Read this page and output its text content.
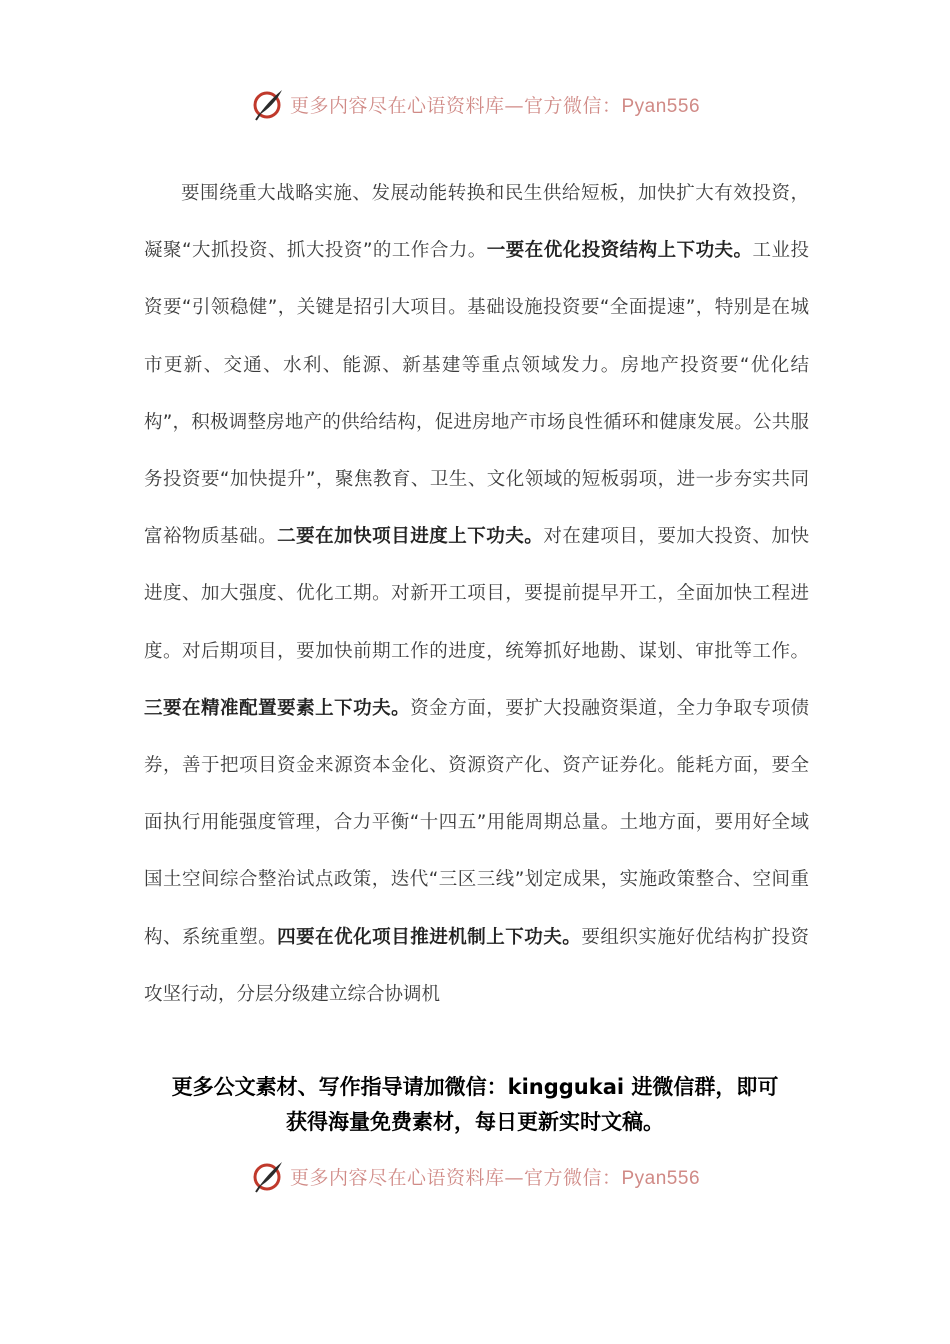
更多内容尽在心语资料库—官方微信：Pyan556

要围绕重大战略实施、发展动能转换和民生供给短板，加快扩大有效投资，凝聚“大抓投资、抓大投资”的工作合力。一要在优化投资结构上下功夫。工业投资要“引领稳健”，关键是招引大项目。基础设施投资要“全面提速”，特别是在城市更新、交通、水利、能源、新基建等重点领域发力。房地产投资要“优化结构”，积极调整房地产的供给结构，促进房地产市场良性循环和健康发展。公共服务投资要“加快提升”，聚焦教育、卫生、文化领域的短板弱项，进一步夯实共同富裕物质基础。二要在加快项目进度上下功夫。对在建项目，要加大投资、加快进度、加大强度、优化工期。对新开工项目，要提前提早开工，全面加快工程进度。对后期项目，要加快前期工作的进度，统筹抓好地勘、谋划、审批等工作。三要在精准配置要素上下功夫。资金方面，要扩大投融资渠道，全力争取专项债券，善于把项目资金来源资本金化、资源资产化、资产证券化。能耗方面，要全面执行用能强度管理，合力平衡“十四五”用能周期总量。土地方面，要用好全域国土空间综合整治试点政策，迭代“三区三线”划定成果，实施政策整合、空间重构、系统重塑。四要在优化项目推进机制上下功夫。要组织实施好优结构扩投资攻坚行动，分层分级建立综合协调机

更多公文素材、写作指导请加微信：kinggukai 进微信群，即可
获得海量免费素材，每日更新实时文稿。
更多内容尽在心语资料库—官方微信：Pyan556
